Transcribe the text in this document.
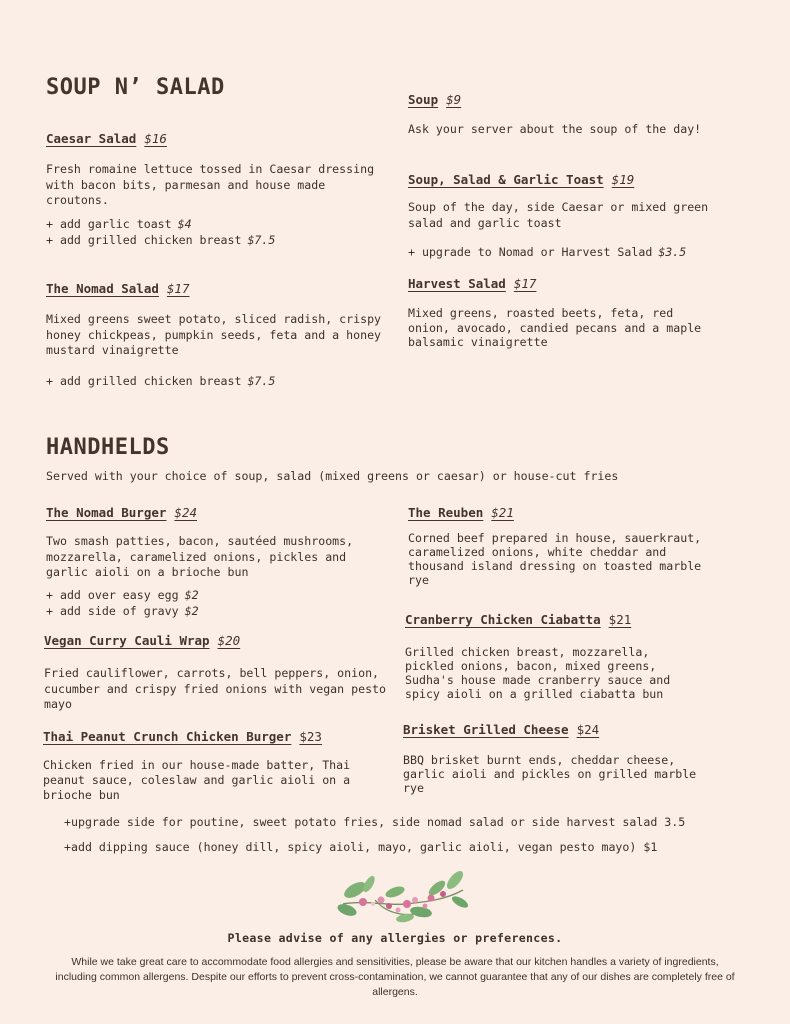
SOUP N’ SALAD
Caesar Salad $16
Fresh romaine lettuce tossed in Caesar dressing with bacon bits, parmesan and house made croutons.
+ add garlic toast $4
+ add grilled chicken breast $7.5
The Nomad Salad $17
Mixed greens sweet potato, sliced radish, crispy honey chickpeas, pumpkin seeds, feta and a honey mustard vinaigrette
+ add grilled chicken breast $7.5
Soup $9
Ask your server about the soup of the day!
Soup, Salad & Garlic Toast $19
Soup of the day, side Caesar or mixed green salad and garlic toast
+ upgrade to Nomad or Harvest Salad $3.5
Harvest Salad $17
Mixed greens, roasted beets, feta, red onion, avocado, candied pecans and a maple balsamic vinaigrette
HANDHELDS
Served with your choice of soup, salad (mixed greens or caesar) or house-cut fries
The Nomad Burger $24
Two smash patties, bacon, sautéed mushrooms, mozzarella, caramelized onions, pickles and garlic aioli on a brioche bun
+ add over easy egg $2
+ add side of gravy $2
Vegan Curry Cauli Wrap $20
Fried cauliflower, carrots, bell peppers, onion, cucumber and crispy fried onions with vegan pesto mayo
Thai Peanut Crunch Chicken Burger $23
Chicken fried in our house-made batter, Thai peanut sauce, coleslaw and garlic aioli on a brioche bun
The Reuben $21
Corned beef prepared in house, sauerkraut, caramelized onions, white cheddar and thousand island dressing on toasted marble rye
Cranberry Chicken Ciabatta $21
Grilled chicken breast, mozzarella, pickled onions, bacon, mixed greens, Sudha's house made cranberry sauce and spicy aioli on a grilled ciabatta bun
Brisket Grilled Cheese $24
BBQ brisket burnt ends, cheddar cheese, garlic aioli and pickles on grilled marble rye
+upgrade side for poutine, sweet potato fries, side nomad salad or side harvest salad 3.5
+add dipping sauce (honey dill, spicy aioli, mayo, garlic aioli, vegan pesto mayo) $1
Please advise of any allergies or preferences.
While we take great care to accommodate food allergies and sensitivities, please be aware that our kitchen handles a variety of ingredients, including common allergens. Despite our efforts to prevent cross-contamination, we cannot guarantee that any of our dishes are completely free of allergens.
